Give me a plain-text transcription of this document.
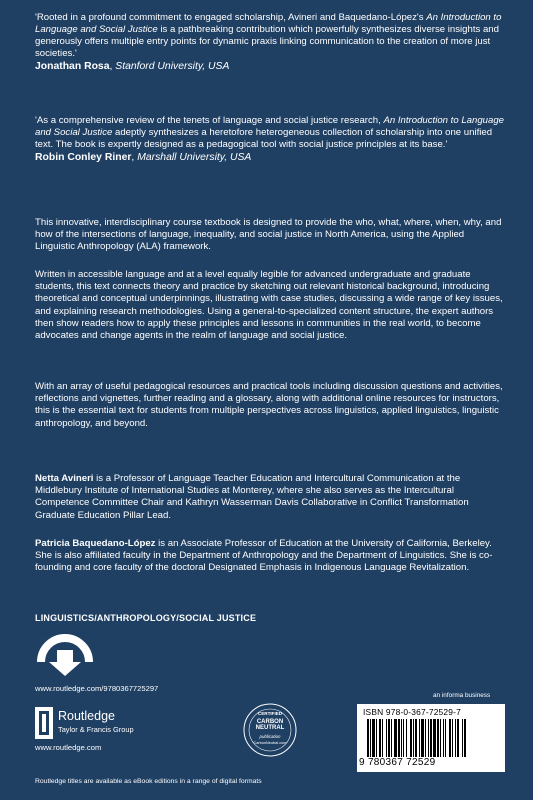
'Rooted in a profound commitment to engaged scholarship, Avineri and Baquedano-López's An Introduction to Language and Social Justice is a pathbreaking contribution which powerfully synthesizes diverse insights and generously offers multiple entry points for dynamic praxis linking communication to the creation of more just societies.'

Jonathan Rosa, Stanford University, USA

'As a comprehensive review of the tenets of language and social justice research, An Introduction to Language and Social Justice adeptly synthesizes a heretofore heterogeneous collection of scholarship into one unified text. The book is expertly designed as a pedagogical tool with social justice principles at its base.'

Robin Conley Riner, Marshall University, USA

This innovative, interdisciplinary course textbook is designed to provide the who, what, where, when, why, and how of the intersections of language, inequality, and social justice in North America, using the Applied Linguistic Anthropology (ALA) framework.

Written in accessible language and at a level equally legible for advanced undergraduate and graduate students, this text connects theory and practice by sketching out relevant historical background, introducing theoretical and conceptual underpinnings, illustrating with case studies, discussing a wide range of key issues, and explaining research methodologies. Using a general-to-specialized content structure, the expert authors then show readers how to apply these principles and lessons in communities in the real world, to become advocates and change agents in the realm of language and social justice.

With an array of useful pedagogical resources and practical tools including discussion questions and activities, reflections and vignettes, further reading and a glossary, along with additional online resources for instructors, this is the essential text for students from multiple perspectives across linguistics, applied linguistics, linguistic anthropology, and beyond.

Netta Avineri is a Professor of Language Teacher Education and Intercultural Communication at the Middlebury Institute of International Studies at Monterey, where she also serves as the Intercultural Competence Committee Chair and Kathryn Wasserman Davis Collaborative in Conflict Transformation Graduate Education Pillar Lead.

Patricia Baquedano-López is an Associate Professor of Education at the University of California, Berkeley. She is also affiliated faculty in the Department of Anthropology and the Department of Linguistics. She is co-founding and core faculty of the doctoral Designated Emphasis in Indigenous Language Revitalization.

LINGUISTICS/ANTHROPOLOGY/SOCIAL JUSTICE

SUPPORT MATERIAL
www.routledge.com/9780367725297
Routledge
Taylor & Francis Group
www.routledge.com
CERTIFIED
CARBON NEUTRAL
publication
CarbonNeutral.com
an informa business
ISBN 978-0-367-72529-7
9 780367 72529
Routledge titles are available as eBook editions in a range of digital formats
